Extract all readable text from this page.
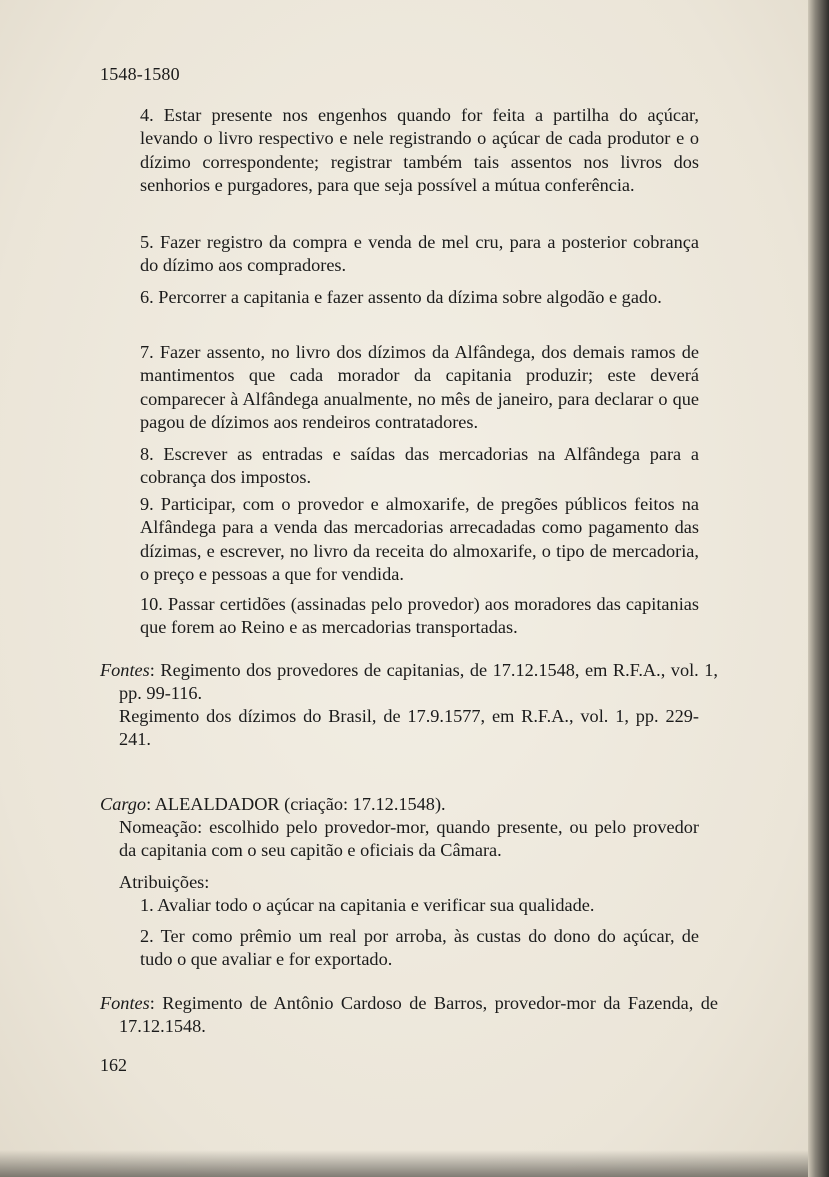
1548-1580

4. Estar presente nos engenhos quando for feita a partilha do açúcar, levando o livro respectivo e nele registrando o açúcar de cada produtor e o dízimo correspondente; registrar também tais assentos nos livros dos senhorios e purgadores, para que seja possível a mútua conferência.

5. Fazer registro da compra e venda de mel cru, para a posterior cobrança do dízimo aos compradores.

6. Percorrer a capitania e fazer assento da dízima sobre algodão e gado.

7. Fazer assento, no livro dos dízimos da Alfândega, dos demais ramos de mantimentos que cada morador da capitania produzir; este deverá comparecer à Alfândega anualmente, no mês de janeiro, para declarar o que pagou de dízimos aos rendeiros contratadores.

8. Escrever as entradas e saídas das mercadorias na Alfândega para a cobrança dos impostos.

9. Participar, com o provedor e almoxarife, de pregões públicos feitos na Alfândega para a venda das mercadorias arrecadadas como pagamento das dízimas, e escrever, no livro da receita do almoxarife, o tipo de mercadoria, o preço e pessoas a que for vendida.

10. Passar certidões (assinadas pelo provedor) aos moradores das capitanias que forem ao Reino e as mercadorias transportadas.

Fontes: Regimento dos provedores de capitanias, de 17.12.1548, em R.F.A., vol. 1, pp. 99-116.

Regimento dos dízimos do Brasil, de 17.9.1577, em R.F.A., vol. 1, pp. 229-241.

Cargo: ALEALDADOR (criação: 17.12.1548).

Nomeação: escolhido pelo provedor-mor, quando presente, ou pelo provedor da capitania com o seu capitão e oficiais da Câmara.

Atribuições:

1. Avaliar todo o açúcar na capitania e verificar sua qualidade.

2. Ter como prêmio um real por arroba, às custas do dono do açúcar, de tudo o que avaliar e for exportado.

Fontes: Regimento de Antônio Cardoso de Barros, provedor-mor da Fazenda, de 17.12.1548.

162
